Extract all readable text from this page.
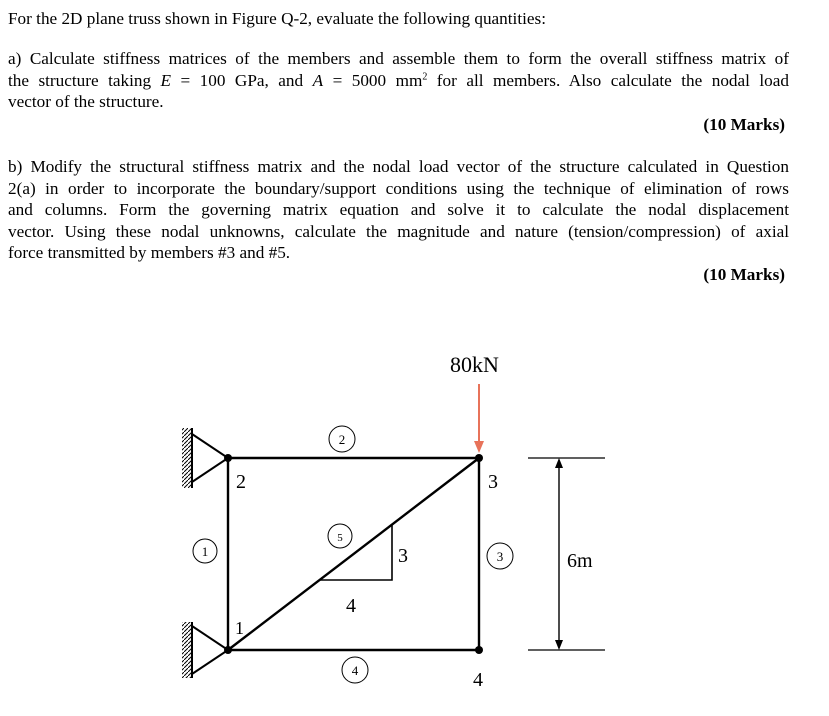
For the 2D plane truss shown in Figure Q-2, evaluate the following quantities:

a) Calculate stiffness matrices of the members and assemble them to form the overall stiffness matrix of
the structure taking E = 100 GPa, and A = 5000 $mm^2$ for all members. Also calculate the nodal load
vector of the structure.
(10 Marks)
b) Modify the structural stiffness matrix and the nodal load vector of the structure calculated in Question
2(a) in order to incorporate the boundary/support conditions using the technique of elimination of rows
and columns. Form the governing matrix equation and solve it to calculate the nodal displacement
vector. Using these nodal unknowns, calculate the magnitude and nature (tension/compression) of axial
force transmitted by members #3 and #5.
(10 Marks)
2
1
3
4
1
2
3
4
5
3
4
80kN
6m
